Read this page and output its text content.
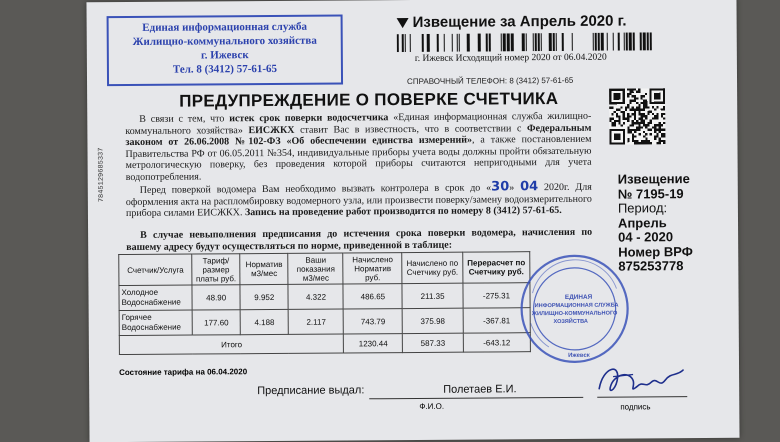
Единая информационная служба
Жилищно-коммунального хозяйства
г. Ижевск
Тел. 8 (3412) 57-61-65
Извещение за Апрель 2020 г.
г. Ижевск Исходящий номер 2020 от 06.04.2020
СПРАВОЧНЫЙ ТЕЛЕФОН: 8 (3412) 57-61-65
ПРЕДУПРЕЖДЕНИЕ О ПОВЕРКЕ СЧЕТЧИКА
7845129685337

В связи с тем, что истек срок поверки водосчетчика «Единая информационная служба жилищно-коммунального хозяйства» ЕИСЖКХ ставит Вас в известность, что в соответствии с Федеральным законом от 26.06.2008 №102-ФЗ «Об обеспечении единства измерений», а также постановлением Правительства РФ от 06.05.2011 №354, индивидуальные приборы учета воды должны пройти обязательную метрологическую поверку, без проведения которой приборы считаются непригодными для учета водопотребления.

Перед поверкой водомера Вам необходимо вызвать контролера в срок до «30» 04 2020г. Для оформления акта на распломбировку водомерного узла, или произвести поверку/замену водоизмерительного прибора силами ЕИСЖКХ. Запись на проведение работ производится по номеру 8 (3412) 57-61-65.

В случае невыполнения предписания до истечения срока поверки водомера, начисления по вашему адресу будут осуществляться по норме, приведенной в таблице:

Счетчик/Услуга	Тариф/размер платы руб.	Норматив м3/мес	Ваши показания м3/мес	Начислено Норматив руб.	Начислено по Счетчику руб.	Перерасчет по Счетчику руб.
Холодное Водоснабжение	48.90	9.952	4.322	486.65	211.35	-275.31
Горячее Водоснабжение	177.60	4.188	2.117	743.79	375.98	-367.81
Итого				1230.44	587.33	-643.12
Состояние тарифа на 06.04.2020
Извещение
№ 7195-19
Период:
Апрель
04 - 2020
Номер ВРФ
875253778
ЕДИНАЯ
ИНФОРМАЦИОННАЯ СЛУЖБА
ЖИЛИЩНО-КОММУНАЛЬНОГО
ХОЗЯЙСТВА
Ижевск
Предписание выдал:	Полетаев Е.И.
Ф.И.О.	подпись
